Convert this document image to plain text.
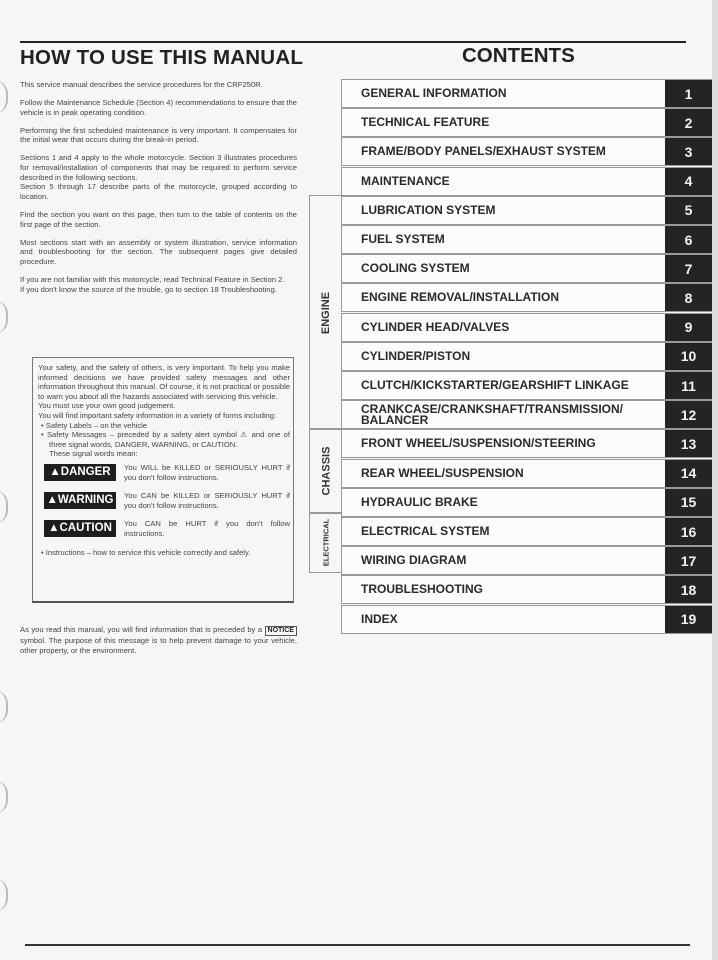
HOW TO USE THIS MANUAL	CONTENTS

This service manual describes the service procedures for the CRF250R.

Follow the Maintenance Schedule (Section 4) recommendations to ensure that the vehicle is in peak operating condition.

Performing the first scheduled maintenance is very important. It compensates for the initial wear that occurs during the break-in period.

Sections 1 and 4 apply to the whole motorcycle. Section 3 illustrates procedures for removal/installation of components that may be required to perform service described in the following sections.

Section 5 through 17 describe parts of the motorcycle, grouped according to location.

Find the section you want on this page, then turn to the table of contents on the first page of the section.

Most sections start with an assembly or system illustration, service information and troubleshooting for the section. The subsequent pages give detailed procedure.

If you are not familiar with this motorcycle, read Technical Feature in Section 2.

If you don't know the source of the trouble, go to section 18 Troubleshooting.

Your safety, and the safety of others, is very important. To help you make informed decisions we have provided safety messages and other information throughout this manual. Of course, it is not practical or possible to warn you about all the hazards associated with servicing this vehicle.

You must use your own good judgement.

You will find important safety information in a variety of forms including:

• Safety Labels – on the vehicle
• Safety Messages – preceded by a safety alert symbol ⚠ and one of three signal words, DANGER, WARNING, or CAUTION.

These signal words mean:

▲DANGER	You WILL be KILLED or SERIOUSLY HURT if you don't follow instructions.
▲WARNING	You CAN be KILLED or SERIOUSLY HURT if you don't follow instructions.
▲CAUTION	You CAN be HURT if you don't follow instructions.
• Instructions – how to service this vehicle correctly and safely.
As you read this manual, you will find information that is preceded by a NOTICE symbol. The purpose of this message is to help prevent damage to your vehicle, other property, or the environment.
ENGINE
CHASSIS
ELECTRICAL
GENERAL INFORMATION	1
TECHNICAL FEATURE	2
FRAME/BODY PANELS/EXHAUST SYSTEM	3
MAINTENANCE	4
LUBRICATION SYSTEM	5
FUEL SYSTEM	6
COOLING SYSTEM	7
ENGINE REMOVAL/INSTALLATION	8
CYLINDER HEAD/VALVES	9
CYLINDER/PISTON	10
CLUTCH/KICKSTARTER/GEARSHIFT LINKAGE	11
CRANKCASE/CRANKSHAFT/TRANSMISSION/ BALANCER	12
FRONT WHEEL/SUSPENSION/STEERING	13
REAR WHEEL/SUSPENSION	14
HYDRAULIC BRAKE	15
ELECTRICAL SYSTEM	16
WIRING DIAGRAM	17
TROUBLESHOOTING	18
INDEX	19
